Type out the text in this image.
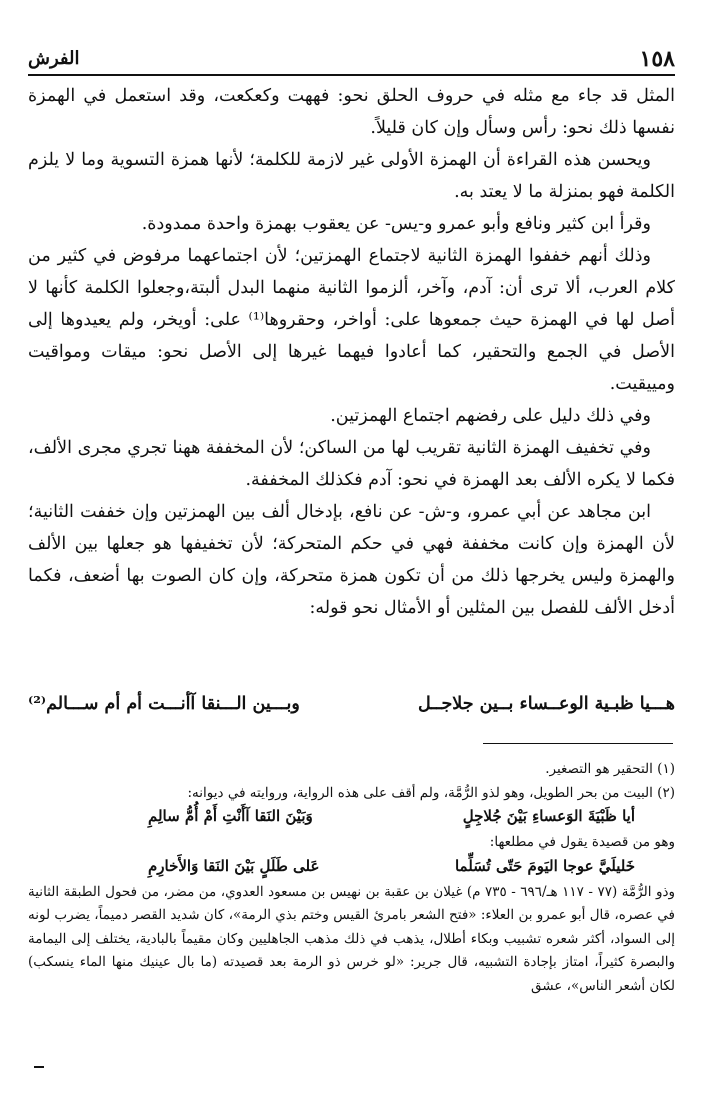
١٥٨
الفرش

المثل قد جاء مع مثله في حروف الحلق نحو: فههت وكعكعت، وقد استعمل في الهمزة نفسها ذلك نحو: رأس وسأل وإن كان قليلاً.

ويحسن هذه القراءة أن الهمزة الأولى غير لازمة للكلمة؛ لأنها همزة التسوية وما لا يلزم الكلمة فهو بمنزلة ما لا يعتد به.

وقرأ ابن كثير ونافع وأبو عمرو و-يس- عن يعقوب بهمزة واحدة ممدودة.

وذلك أنهم خففوا الهمزة الثانية لاجتماع الهمزتين؛ لأن اجتماعهما مرفوض في كثير من كلام العرب، ألا ترى أن: آدم، وآخر، ألزموا الثانية منهما البدل ألبتة،وجعلوا الكلمة كأنها لا أصل لها في الهمزة حيث جمعوها على: أواخر، وحقروها⁽¹⁾ على: أويخر، ولم يعيدوها إلى الأصل في الجمع والتحقير، كما أعادوا فيهما غيرها إلى الأصل نحو: ميقات ومواقيت ومييقيت.

وفي ذلك دليل على رفضهم اجتماع الهمزتين.

وفي تخفيف الهمزة الثانية تقريب لها من الساكن؛ لأن المخففة ههنا تجري مجرى الألف، فكما لا يكره الألف بعد الهمزة في نحو: آدم فكذلك المخففة.

ابن مجاهد عن أبي عمرو، و-ش- عن نافع، بإدخال ألف بين الهمزتين وإن خففت الثانية؛ لأن الهمزة وإن كانت مخففة فهي في حكم المتحركة؛ لأن تخفيفها هو جعلها بين الألف والهمزة وليس يخرجها ذلك من أن تكون همزة متحركة، وإن كان الصوت بها أضعف، فكما أدخل الألف للفصل بين المثلين أو الأمثال نحو قوله:

هـــيا ظبـية الوعــساء بــين جلاجــل
وبـــين الـــنقا آأنـــت أم أم ســـالم⁽²⁾

(١) التحقير هو التصغير.

(٢) البيت من بحر الطويل، وهو لذو الرُّمَّة، ولم أقف على هذه الرواية، وروايته في ديوانه:

أيا ظَبْيَةَ الوَعساءِ بَيْنَ جُلاجِلٍ
وَبَيْنَ النَقا آأَنْتِ أَمْ أُمُّ سالِمِ

وهو من قصيدة يقول في مطلعها:

خَليلَيَّ عوجا اليَومَ حَتّى تُسَلِّما
عَلى طَلَلٍ بَيْنَ النَقا وَالأَخارِمِ

وذو الرُّمَّة (٧٧ - ١١٧ هـ/٦٩٦ - ٧٣٥ م) غيلان بن عقبة بن نهيس بن مسعود العدوي، من مضر، من فحول الطبقة الثانية في عصره، قال أبو عمرو بن العلاء: «فتح الشعر بامرئ القيس وختم بذي الرمة»، كان شديد القصر دميماً، يضرب لونه إلى السواد، أكثر شعره تشبيب وبكاء أطلال، يذهب في ذلك مذهب الجاهليين وكان مقيماً بالبادية، يختلف إلى اليمامة والبصرة كثيراً، امتاز بإجادة التشبيه، قال جرير: «لو خرس ذو الرمة بعد قصيدته (ما بال عينيك منها الماء ينسكب) لكان أشعر الناس»، عشق
